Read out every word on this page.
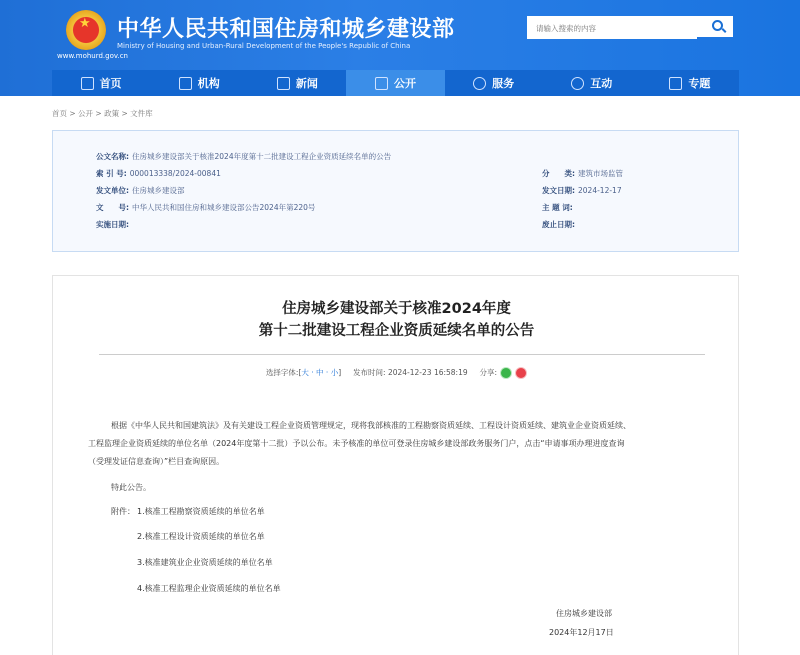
★
www.mohurd.gov.cn
中华人民共和国住房和城乡建设部
Ministry of Housing and Urban-Rural Development of the People's Republic of China
请输入搜索的内容
首页	机构	新闻	公开	服务	互动	专题
首页 > 公开 > 政策 > 文件库
公文名称: 住房城乡建设部关于核准2024年度第十二批建设工程企业资质延续名单的公告
索 引 号: 000013338/2024-00841
发文单位: 住房城乡建设部
文　　号: 中华人民共和国住房和城乡建设部公告2024年第220号
实施日期:
分　　类: 建筑市场监管
发文日期: 2024-12-17
主 题 词:
废止日期:
住房城乡建设部关于核准2024年度
第十二批建设工程企业资质延续名单的公告
选择字体:[大 · 中 · 小] 发布时间: 2024-12-23 16:58:19 分享:
根据《中华人民共和国建筑法》及有关建设工程企业资质管理规定，现将我部核准的工程勘察资质延续、工程设计资质延续、建筑业企业资质延续、
工程监理企业资质延续的单位名单（2024年度第十二批）予以公布。未予核准的单位可登录住房城乡建设部政务服务门户，点击“申请事项办理进度查询
（受理发证信息查询）”栏目查询原因。
特此公告。
附件： 1.核准工程勘察资质延续的单位名单
2.核准工程设计资质延续的单位名单
3.核准建筑业企业资质延续的单位名单
4.核准工程监理企业资质延续的单位名单
住房城乡建设部
2024年12月17日
